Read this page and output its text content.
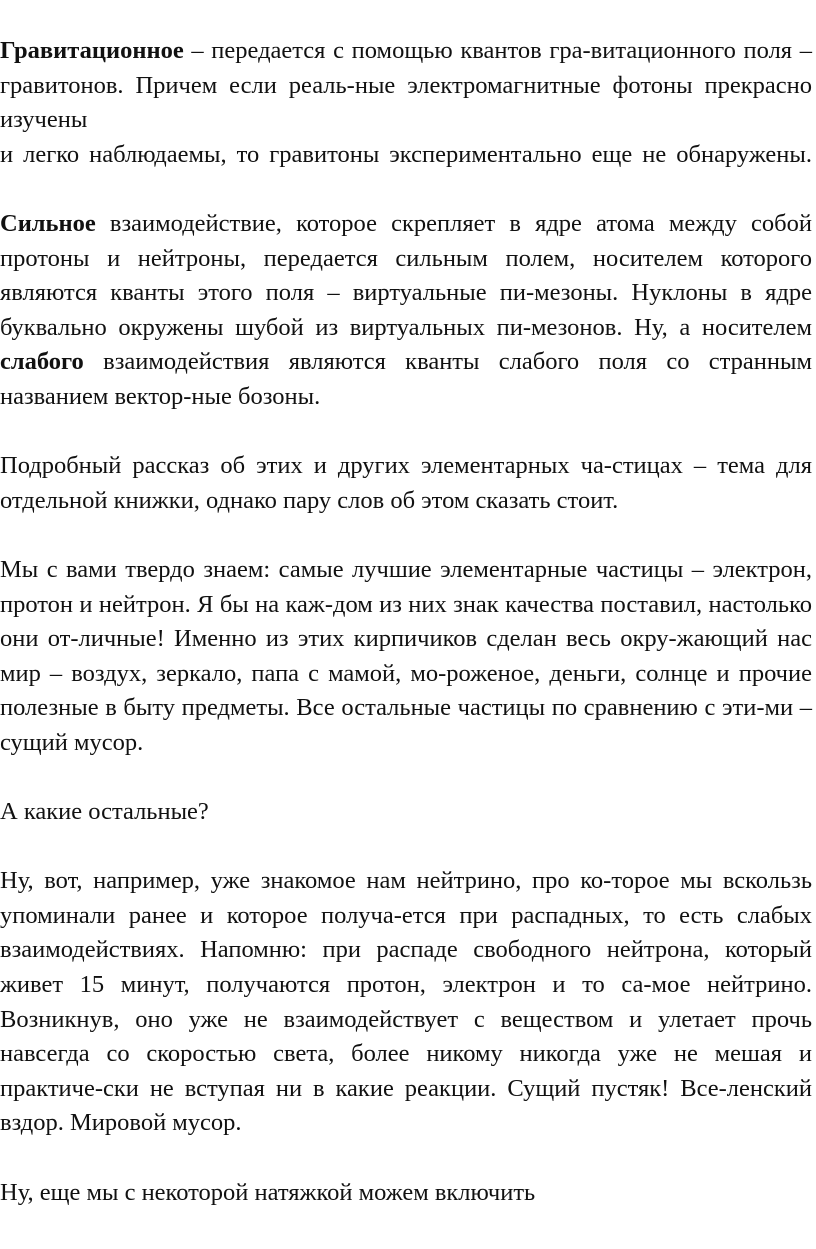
Гравитационное – передается с помощью квантов гра-витационного поля – гравитонов. Причем если реаль-ные электромагнитные фотоны прекрасно изучены
и легко наблюдаемы, то гравитоны экспериментально еще не обнаружены.
Сильное взаимодействие, которое скрепляет в ядре атома между собой протоны и нейтроны, передается сильным полем, носителем которого являются кванты этого поля – виртуальные пи-мезоны. Нуклоны в ядре буквально окружены шубой из виртуальных пи-мезонов. Ну, а носителем слабого взаимодействия являются кванты слабого поля со странным названием вектор-ные бозоны.
Подробный рассказ об этих и других элементарных ча-стицах – тема для отдельной книжки, однако пару слов об этом сказать стоит.
Мы с вами твердо знаем: самые лучшие элементарные частицы – электрон, протон и нейтрон. Я бы на каж-дом из них знак качества поставил, настолько они от-личные! Именно из этих кирпичиков сделан весь окру-жающий нас мир – воздух, зеркало, папа с мамой, мо-роженое, деньги, солнце и прочие полезные в быту предметы. Все остальные частицы по сравнению с эти-ми – сущий мусор.
А какие остальные?
Ну, вот, например, уже знакомое нам нейтрино, про ко-торое мы вскользь упоминали ранее и которое получа-ется при распадных, то есть слабых взаимодействиях. Напомню: при распаде свободного нейтрона, который живет 15 минут, получаются протон, электрон и то са-мое нейтрино. Возникнув, оно уже не взаимодействует с веществом и улетает прочь навсегда со скоростью света, более никому никогда уже не мешая и практиче-ски не вступая ни в какие реакции. Сущий пустяк! Все-ленский вздор. Мировой мусор.
Ну, еще мы с некоторой натяжкой можем включить
